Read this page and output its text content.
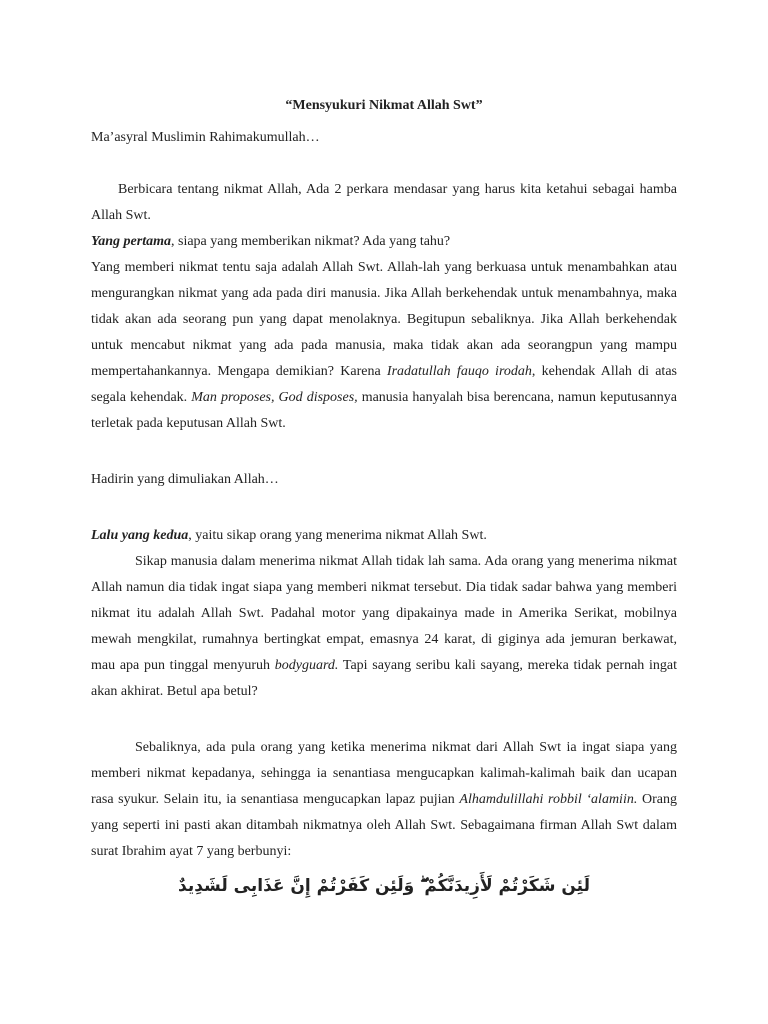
“Mensyukuri Nikmat Allah Swt”

Ma’asyral Muslimin Rahimakumullah…

Berbicara tentang nikmat Allah, Ada 2 perkara mendasar yang harus kita ketahui sebagai hamba Allah Swt.

Yang pertama, siapa yang memberikan nikmat? Ada yang tahu?

Yang memberi nikmat tentu saja adalah Allah Swt. Allah-lah yang berkuasa untuk menambahkan atau mengurangkan nikmat yang ada pada diri manusia. Jika Allah berkehendak untuk menambahnya, maka tidak akan ada seorang pun yang dapat menolaknya. Begitupun sebaliknya. Jika Allah berkehendak untuk mencabut nikmat yang ada pada manusia, maka tidak akan ada seorangpun yang mampu mempertahankannya. Mengapa demikian? Karena Iradatullah fauqo irodah, kehendak Allah di atas segala kehendak. Man proposes, God disposes, manusia hanyalah bisa berencana, namun keputusannya terletak pada keputusan Allah Swt.

Hadirin yang dimuliakan Allah…

Lalu yang kedua, yaitu sikap orang yang menerima nikmat Allah Swt.

Sikap manusia dalam menerima nikmat Allah tidak lah sama. Ada orang yang menerima nikmat Allah namun dia tidak ingat siapa yang memberi nikmat tersebut. Dia tidak sadar bahwa yang memberi nikmat itu adalah Allah Swt. Padahal motor yang dipakainya made in Amerika Serikat, mobilnya mewah mengkilat, rumahnya bertingkat empat, emasnya 24 karat, di giginya ada jemuran berkawat, mau apa pun tinggal menyuruh bodyguard. Tapi sayang seribu kali sayang, mereka tidak pernah ingat akan akhirat. Betul apa betul?

Sebaliknya, ada pula orang yang ketika menerima nikmat dari Allah Swt ia ingat siapa yang memberi nikmat kepadanya, sehingga ia senantiasa mengucapkan kalimah-kalimah baik dan ucapan rasa syukur. Selain itu, ia senantiasa mengucapkan lapaz pujian Alhamdulillahi robbil ‘alamiin. Orang yang seperti ini pasti akan ditambah nikmatnya oleh Allah Swt. Sebagaimana firman Allah Swt dalam surat Ibrahim ayat 7 yang berbunyi:

لَئِن شَكَرْتُمْ لَأَزِيدَنَّكُمْ ۖ وَلَئِن كَفَرْتُمْ إِنَّ عَذَابِى لَشَدِيدٌ
